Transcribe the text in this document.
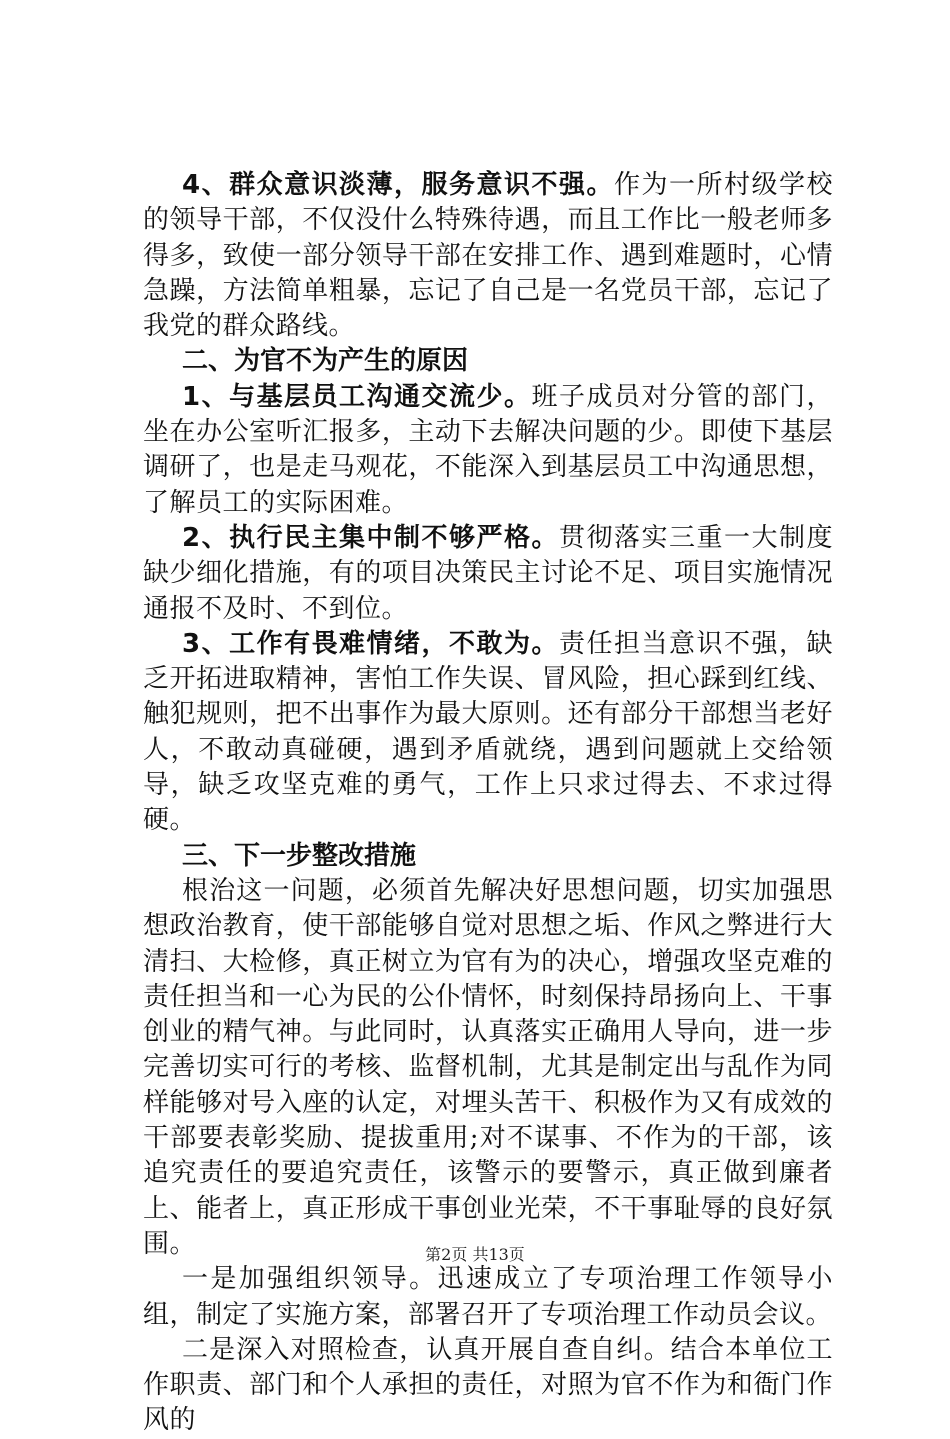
4、群众意识淡薄，服务意识不强。作为一所村级学校的领导干部，不仅没什么特殊待遇，而且工作比一般老师多得多，致使一部分领导干部在安排工作、遇到难题时，心情急躁，方法简单粗暴，忘记了自己是一名党员干部，忘记了我党的群众路线。

二、为官不为产生的原因

1、与基层员工沟通交流少。班子成员对分管的部门，坐在办公室听汇报多，主动下去解决问题的少。即使下基层调研了，也是走马观花，不能深入到基层员工中沟通思想，了解员工的实际困难。

2、执行民主集中制不够严格。贯彻落实三重一大制度缺少细化措施，有的项目决策民主讨论不足、项目实施情况通报不及时、不到位。

3、工作有畏难情绪，不敢为。责任担当意识不强，缺乏开拓进取精神，害怕工作失误、冒风险，担心踩到红线、触犯规则，把不出事作为最大原则。还有部分干部想当老好人，不敢动真碰硬，遇到矛盾就绕，遇到问题就上交给领导，缺乏攻坚克难的勇气，工作上只求过得去、不求过得硬。

三、下一步整改措施

根治这一问题，必须首先解决好思想问题，切实加强思想政治教育，使干部能够自觉对思想之垢、作风之弊进行大清扫、大检修，真正树立为官有为的决心，增强攻坚克难的责任担当和一心为民的公仆情怀，时刻保持昂扬向上、干事创业的精气神。与此同时，认真落实正确用人导向，进一步完善切实可行的考核、监督机制，尤其是制定出与乱作为同样能够对号入座的认定，对埋头苦干、积极作为又有成效的干部要表彰奖励、提拔重用;对不谋事、不作为的干部，该追究责任的要追究责任，该警示的要警示，真正做到廉者上、能者上，真正形成干事创业光荣，不干事耻辱的良好氛围。

一是加强组织领导。迅速成立了专项治理工作领导小组，制定了实施方案，部署召开了专项治理工作动员会议。

二是深入对照检查，认真开展自查自纠。结合本单位工作职责、部门和个人承担的责任，对照为官不作为和衙门作风的

第2页 共13页
